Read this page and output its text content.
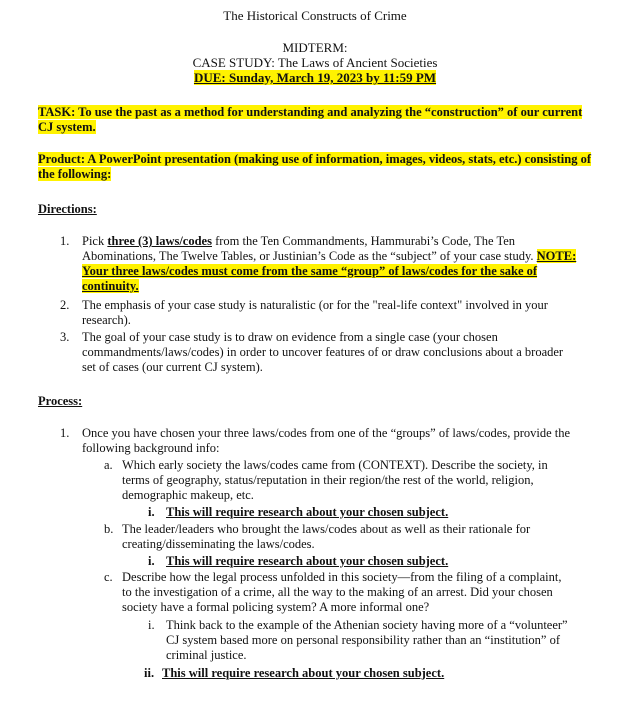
The Historical Constructs of Crime
MIDTERM:
CASE STUDY: The Laws of Ancient Societies
DUE: Sunday, March 19, 2023 by 11:59 PM
TASK: To use the past as a method for understanding and analyzing the “construction” of our current CJ system.
Product: A PowerPoint presentation (making use of information, images, videos, stats, etc.) consisting of the following:
Directions:
1.	Pick three (3) laws/codes from the Ten Commandments, Hammurabi’s Code, The Ten Abominations, The Twelve Tables, or Justinian’s Code as the “subject” of your case study. NOTE: Your three laws/codes must come from the same “group” of laws/codes for the sake of continuity.
2.	The emphasis of your case study is naturalistic (or for the "real-life context" involved in your research).
3.	The goal of your case study is to draw on evidence from a single case (your chosen commandments/laws/codes) in order to uncover features of or draw conclusions about a broader set of cases (our current CJ system).
Process:
1.	Once you have chosen your three laws/codes from one of the “groups” of laws/codes, provide the following background info:
a. Which early society the laws/codes came from (CONTEXT). Describe the society, in terms of geography, status/reputation in their region/the rest of the world, religion, demographic makeup, etc.
i. This will require research about your chosen subject.
b. The leader/leaders who brought the laws/codes about as well as their rationale for creating/disseminating the laws/codes.
i. This will require research about your chosen subject.
c. Describe how the legal process unfolded in this society—from the filing of a complaint, to the investigation of a crime, all the way to the making of an arrest. Did your chosen society have a formal policing system? A more informal one?
i. Think back to the example of the Athenian society having more of a “volunteer” CJ system based more on personal responsibility rather than an “institution” of criminal justice.
ii. This will require research about your chosen subject.
